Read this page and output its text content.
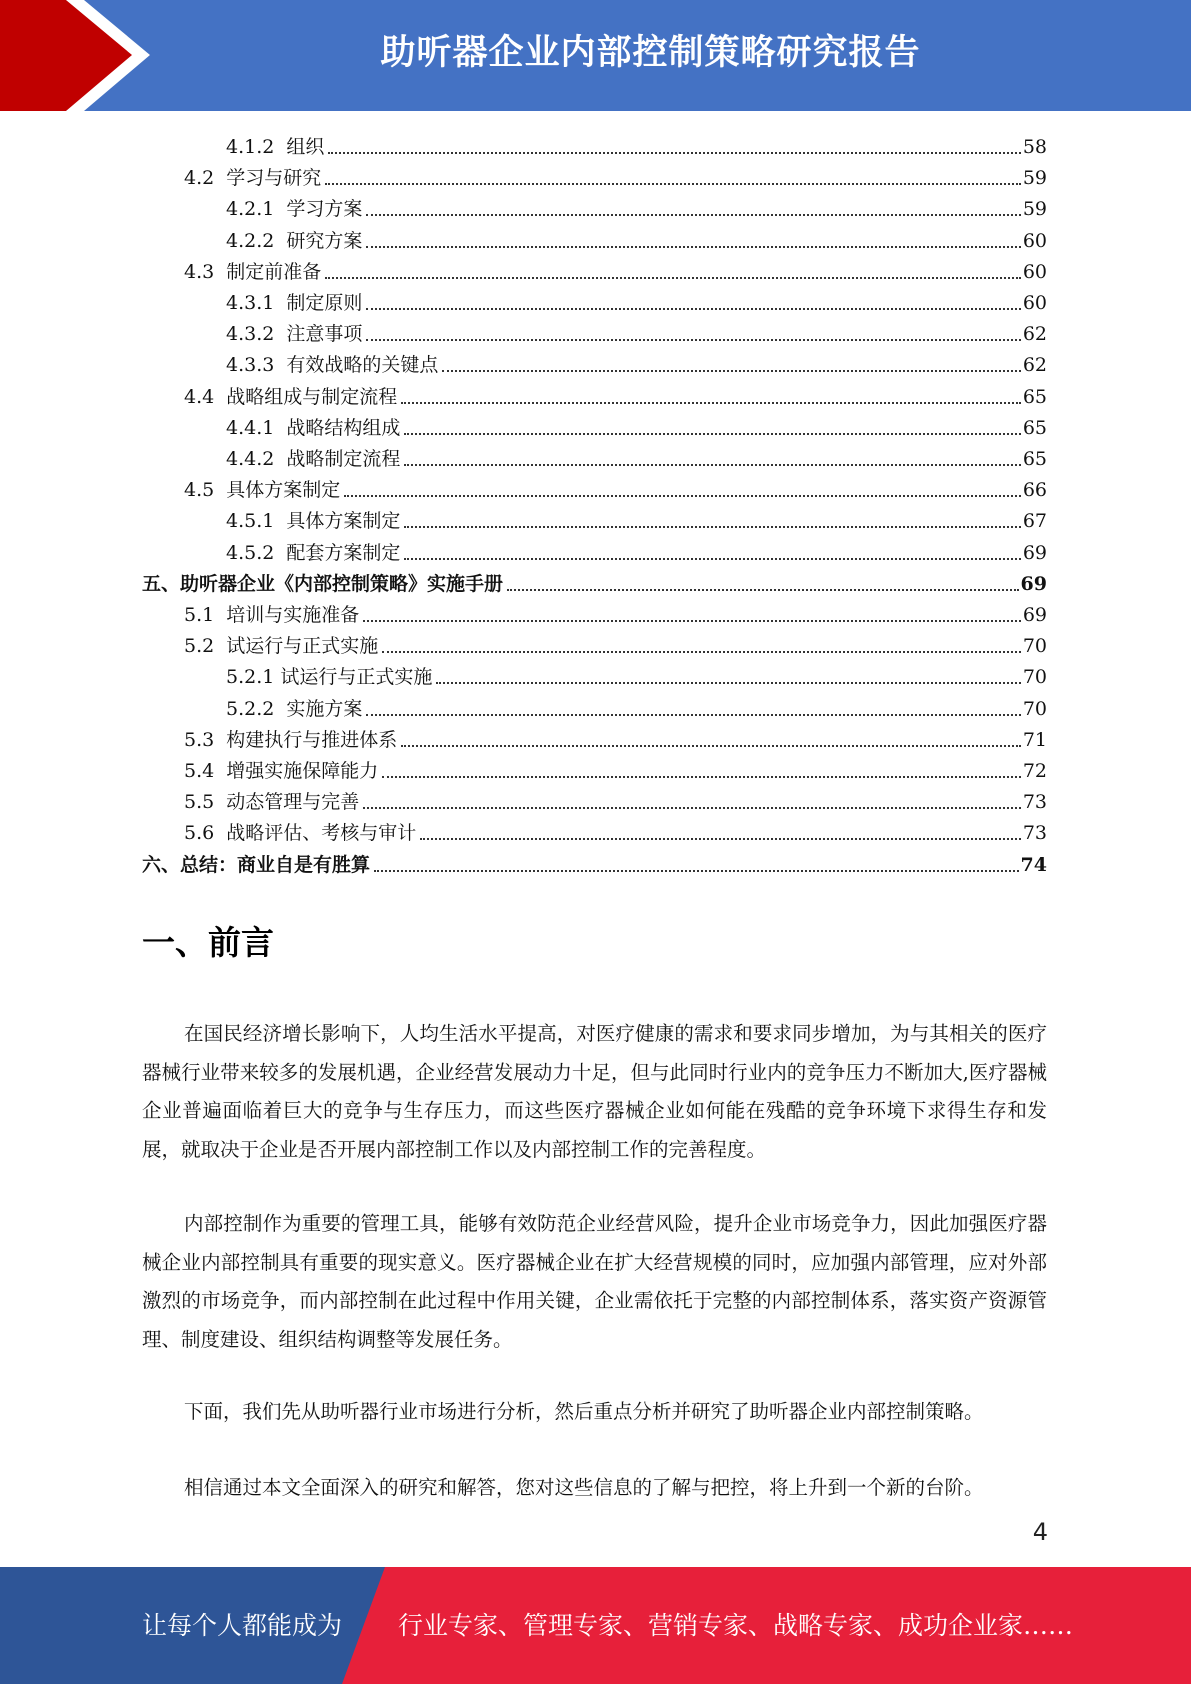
助听器企业内部控制策略研究报告
4.1.2  组织	58
4.2  学习与研究	59
4.2.1  学习方案	59
4.2.2  研究方案	60
4.3  制定前准备	60
4.3.1  制定原则	60
4.3.2  注意事项	62
4.3.3  有效战略的关键点	62
4.4  战略组成与制定流程	65
4.4.1  战略结构组成	65
4.4.2  战略制定流程	65
4.5  具体方案制定	66
4.5.1  具体方案制定	67
4.5.2  配套方案制定	69
五、助听器企业《内部控制策略》实施手册	69
5.1  培训与实施准备	69
5.2  试运行与正式实施	70
5.2.1 试运行与正式实施	70
5.2.2  实施方案	70
5.3  构建执行与推进体系	71
5.4  增强实施保障能力	72
5.5  动态管理与完善	73
5.6  战略评估、考核与审计	73
六、总结：商业自是有胜算	74
一、前言
在国民经济增长影响下，人均生活水平提高，对医疗健康的需求和要求同步增加，为与其相关的医疗器械行业带来较多的发展机遇，企业经营发展动力十足，但与此同时行业内的竞争压力不断加大,医疗器械企业普遍面临着巨大的竞争与生存压力，而这些医疗器械企业如何能在残酷的竞争环境下求得生存和发展，就取决于企业是否开展内部控制工作以及内部控制工作的完善程度。
内部控制作为重要的管理工具，能够有效防范企业经营风险，提升企业市场竞争力，因此加强医疗器械企业内部控制具有重要的现实意义。医疗器械企业在扩大经营规模的同时，应加强内部管理，应对外部激烈的市场竞争，而内部控制在此过程中作用关键，企业需依托于完整的内部控制体系，落实资产资源管理、制度建设、组织结构调整等发展任务。
下面，我们先从助听器行业市场进行分析，然后重点分析并研究了助听器企业内部控制策略。
相信通过本文全面深入的研究和解答，您对这些信息的了解与把控，将上升到一个新的台阶。
4
让每个人都能成为 行业专家、管理专家、营销专家、战略专家、成功企业家……
